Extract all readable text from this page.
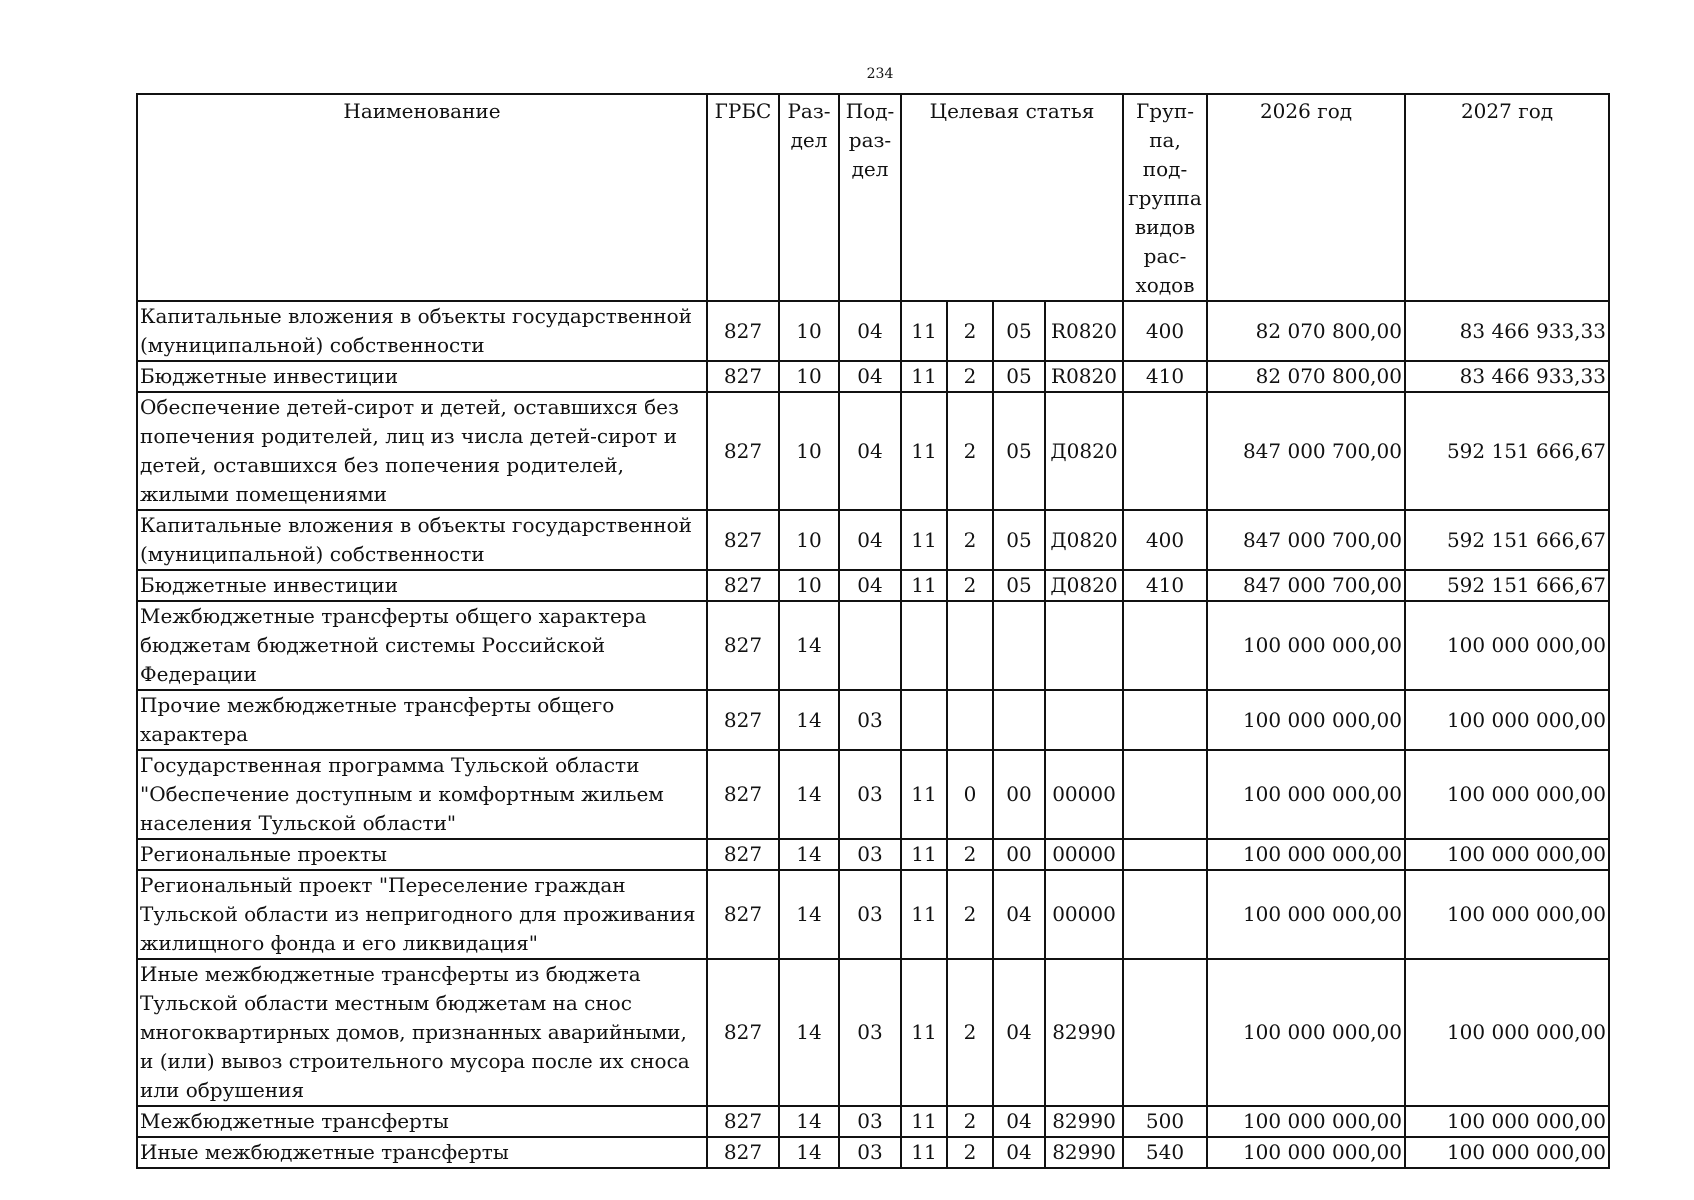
234
Наименование	ГРБС	Раз-дел	Под-раз-дел	Целевая статья				Груп-па, под-группа видов рас-ходов	2026 год	2027 год
Капитальные вложения в объекты государственной (муниципальной) собственности	827	10	04	11	2	05	R0820	400	82 070 800,00	83 466 933,33
Бюджетные инвестиции	827	10	04	11	2	05	R0820	410	82 070 800,00	83 466 933,33
Обеспечение детей-сирот и детей, оставшихся без попечения родителей, лиц из числа детей-сирот и детей, оставшихся без попечения родителей, жилыми помещениями	827	10	04	11	2	05	Д0820		847 000 700,00	592 151 666,67
Капитальные вложения в объекты государственной (муниципальной) собственности	827	10	04	11	2	05	Д0820	400	847 000 700,00	592 151 666,67
Бюджетные инвестиции	827	10	04	11	2	05	Д0820	410	847 000 700,00	592 151 666,67
Межбюджетные трансферты общего характера бюджетам бюджетной системы Российской Федерации	827	14							100 000 000,00	100 000 000,00
Прочие межбюджетные трансферты общего характера	827	14	03						100 000 000,00	100 000 000,00
Государственная программа Тульской области "Обеспечение доступным и комфортным жильем населения Тульской области"	827	14	03	11	0	00	00000		100 000 000,00	100 000 000,00
Региональные проекты	827	14	03	11	2	00	00000		100 000 000,00	100 000 000,00
Региональный проект "Переселение граждан Тульской области из непригодного для проживания жилищного фонда и его ликвидация"	827	14	03	11	2	04	00000		100 000 000,00	100 000 000,00
Иные межбюджетные трансферты из бюджета Тульской области местным бюджетам на снос многоквартирных домов, признанных аварийными, и (или) вывоз строительного мусора после их сноса или обрушения	827	14	03	11	2	04	82990		100 000 000,00	100 000 000,00
Межбюджетные трансферты	827	14	03	11	2	04	82990	500	100 000 000,00	100 000 000,00
Иные межбюджетные трансферты	827	14	03	11	2	04	82990	540	100 000 000,00	100 000 000,00
